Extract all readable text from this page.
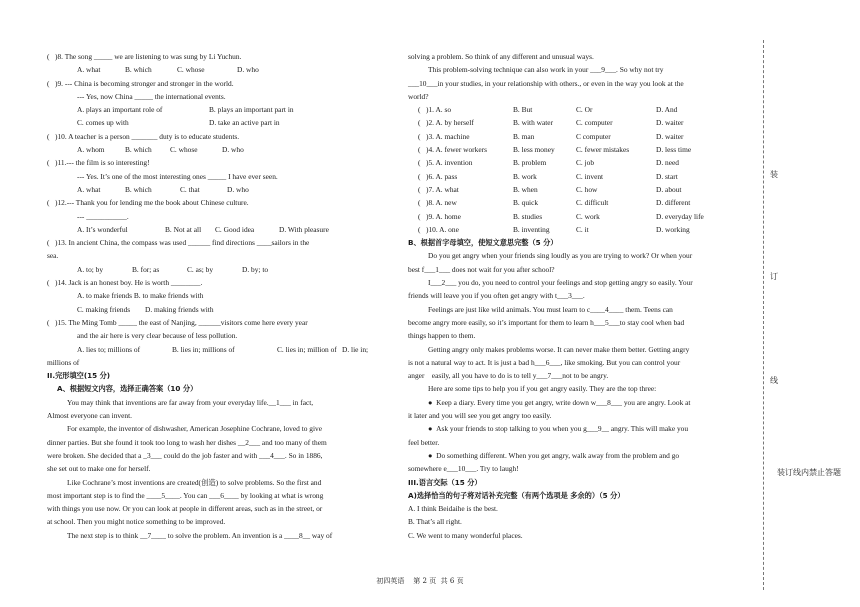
(   )8. The song _____ we are listening to was sung by Li Yuchun.
A. what	B. which	C. whose	D. who
(   )9. --- China is becoming stronger and stronger in the world.
--- Yes, now China _____ the international events.
A. plays an important role of	B. plays an important part in
C. comes up with	D. take an active part in
(   )10. A teacher is a person _______ duty is to educate students.
A. whom	B. which C. whose	D. who
(   )11.--- the film is so interesting!
--- Yes. It’s one of the most interesting ones _____ I have ever seen.
A. what	B. which	C. that	D. who
(   )12.--- Thank you for lending me the book about Chinese culture.
--- ___________.
A. It’s wonderful	B. Not at all C. Good idea	D. With pleasure
(   )13. In ancient China, the compass was used ______ find directions ____sailors in the
sea.
A. to; by	B. for; as	C. as; by	D. by; to
(   )14. Jack is an honest boy. He is worth ________.
A. to make friends B. to make friends with
C. making friends D. making friends with
(   )15. The Ming Tomb _____ the east of Nanjing, ______visitors come here every year
and the air here is very clear because of less pollution.
A. lies to; millions of	B. lies in; millions of	C. lies in; million of D. lie in;
millions of
II.完形填空(15 分)
A、根据短文内容，选择正确答案（10 分）
You may think that inventions are far away from your everyday life.__1___ in fact,
Almost everyone can invent.
For example, the inventor of dishwasher, American Josephine Cochrane, loved to give
dinner parties. But she found it took too long to wash her dishes __2___ and too many of them
were broken. She decided that a _3___ could do the job faster and with ___4___. So in 1886,
she set out to make one for herself.
Like Cochrane’s most inventions are created(创造) to solve problems. So the first and
most important step is to find the ____5____. You can ___6____ by looking at what is wrong
with things you use now. Or you can look at people in different areas, such as in the street, or
at school. Then you might notice something to be improved.
The next step is to think __7____ to solve the problem. An invention is a ____8__ way of
solving a problem. So think of any different and unusual ways.
This problem-solving technique can also work in your ___9___. So why not try
___10___in your studies, in your relationship with others., or even in the way you look at the
world?
(   )1. A. so	B. But	C. Or	D. And
(   )2. A. by herself	B. with water	C. computer	D. waiter
(   )3. A. machine	B. man	C computer	D. waiter
(   )4. A. fewer workers	B. less money	C. fewer mistakes	D. less time
(   )5. A. invention	B. problem	C. job	D. need
(   )6. A. pass	B. work	C. invent	D. start
(   )7. A. what	B. when	C. how	D. about
(   )8. A. new	B. quick	C. difficult	D. different
(   )9. A. home	B. studies	C. work	D. everyday life
(   )10. A. one	B. inventing	C. it	D. working
B、根据首字母填空，使短文意思完整（5 分）
Do you get angry when your friends sing loudly as you are trying to work? Or when your
best f___1___ does not wait for you after school?
I___2___ you do, you need to control your feelings and stop getting angry so easily. Your
friends will leave you if you often get angry with t___3___.
Feelings are just like wild animals. You must learn to c____4____ them. Teens can
become angry more easily, so it’s important for them to learn h___5___to stay cool when bad
things happen to them.
Getting angry only makes problems worse. It can never make them better. Getting angry
is not a natural way to act. It is just a bad h___6___, like smoking. But you can control your
anger    easily, all you have to do is to tell y___7___not to be angry.
Here are some tips to help you if you get angry easily. They are the top three:
●  Keep a diary. Every time you get angry, write down w___8___ you are angry. Look at
it later and you will see you get angry too easily.
●  Ask your friends to stop talking to you when you g___9__ angry. This will make you
feel better.
●  Do something different. When you get angry, walk away from the problem and go
somewhere e___10___. Try to laugh!
III.语言交际（15 分）
A)选择恰当的句子将对话补充完整（有两个选项是 多余的）（5 分）
A. I think Beidaihe is the best.
B. That’s all right.
C. We went to many wonderful places.
初四英语    第 2 页  共 6 页
装
订
线
装订线内禁止答题
